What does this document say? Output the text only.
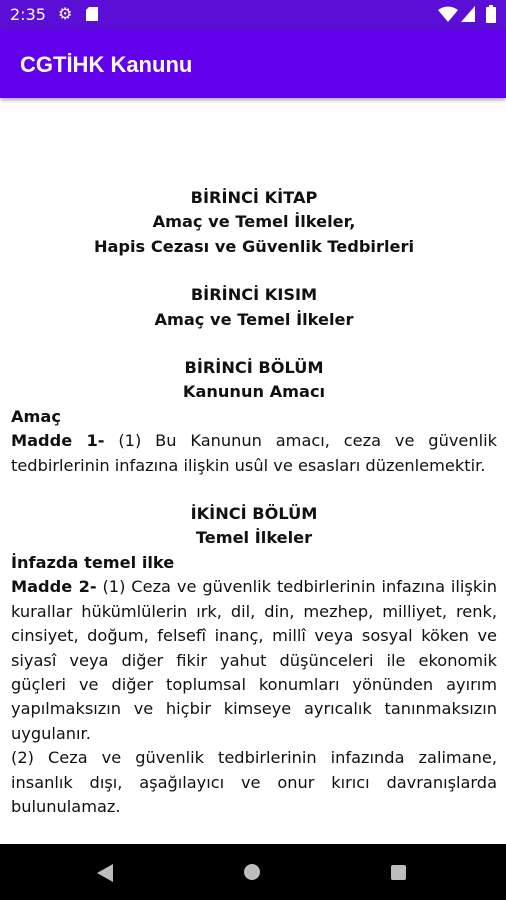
2:35 ⚙
CGTİHK Kanunu
BİRİNCİ KİTAP
Amaç ve Temel İlkeler,
Hapis Cezası ve Güvenlik Tedbirleri
BİRİNCİ KISIM
Amaç ve Temel İlkeler
BİRİNCİ BÖLÜM
Kanunun Amacı
Amaç
Madde 1- (1) Bu Kanunun amacı, ceza ve güvenlik tedbirlerinin infazına ilişkin usûl ve esasları düzenlemektir.
İKİNCİ BÖLÜM
Temel İlkeler
İnfazda temel ilke
Madde 2- (1) Ceza ve güvenlik tedbirlerinin infazına ilişkin kurallar hükümlülerin ırk, dil, din, mezhep, milliyet, renk, cinsiyet, doğum, felsefî inanç, millî veya sosyal köken ve siyasî veya diğer fikir yahut düşünceleri ile ekonomik güçleri ve diğer toplumsal konumları yönünden ayırım yapılmaksızın ve hiçbir kimseye ayrıcalık tanınmaksızın uygulanır.
(2) Ceza ve güvenlik tedbirlerinin infazında zalimane, insanlık dışı, aşağılayıcı ve onur kırıcı davranışlarda bulunulamaz.
